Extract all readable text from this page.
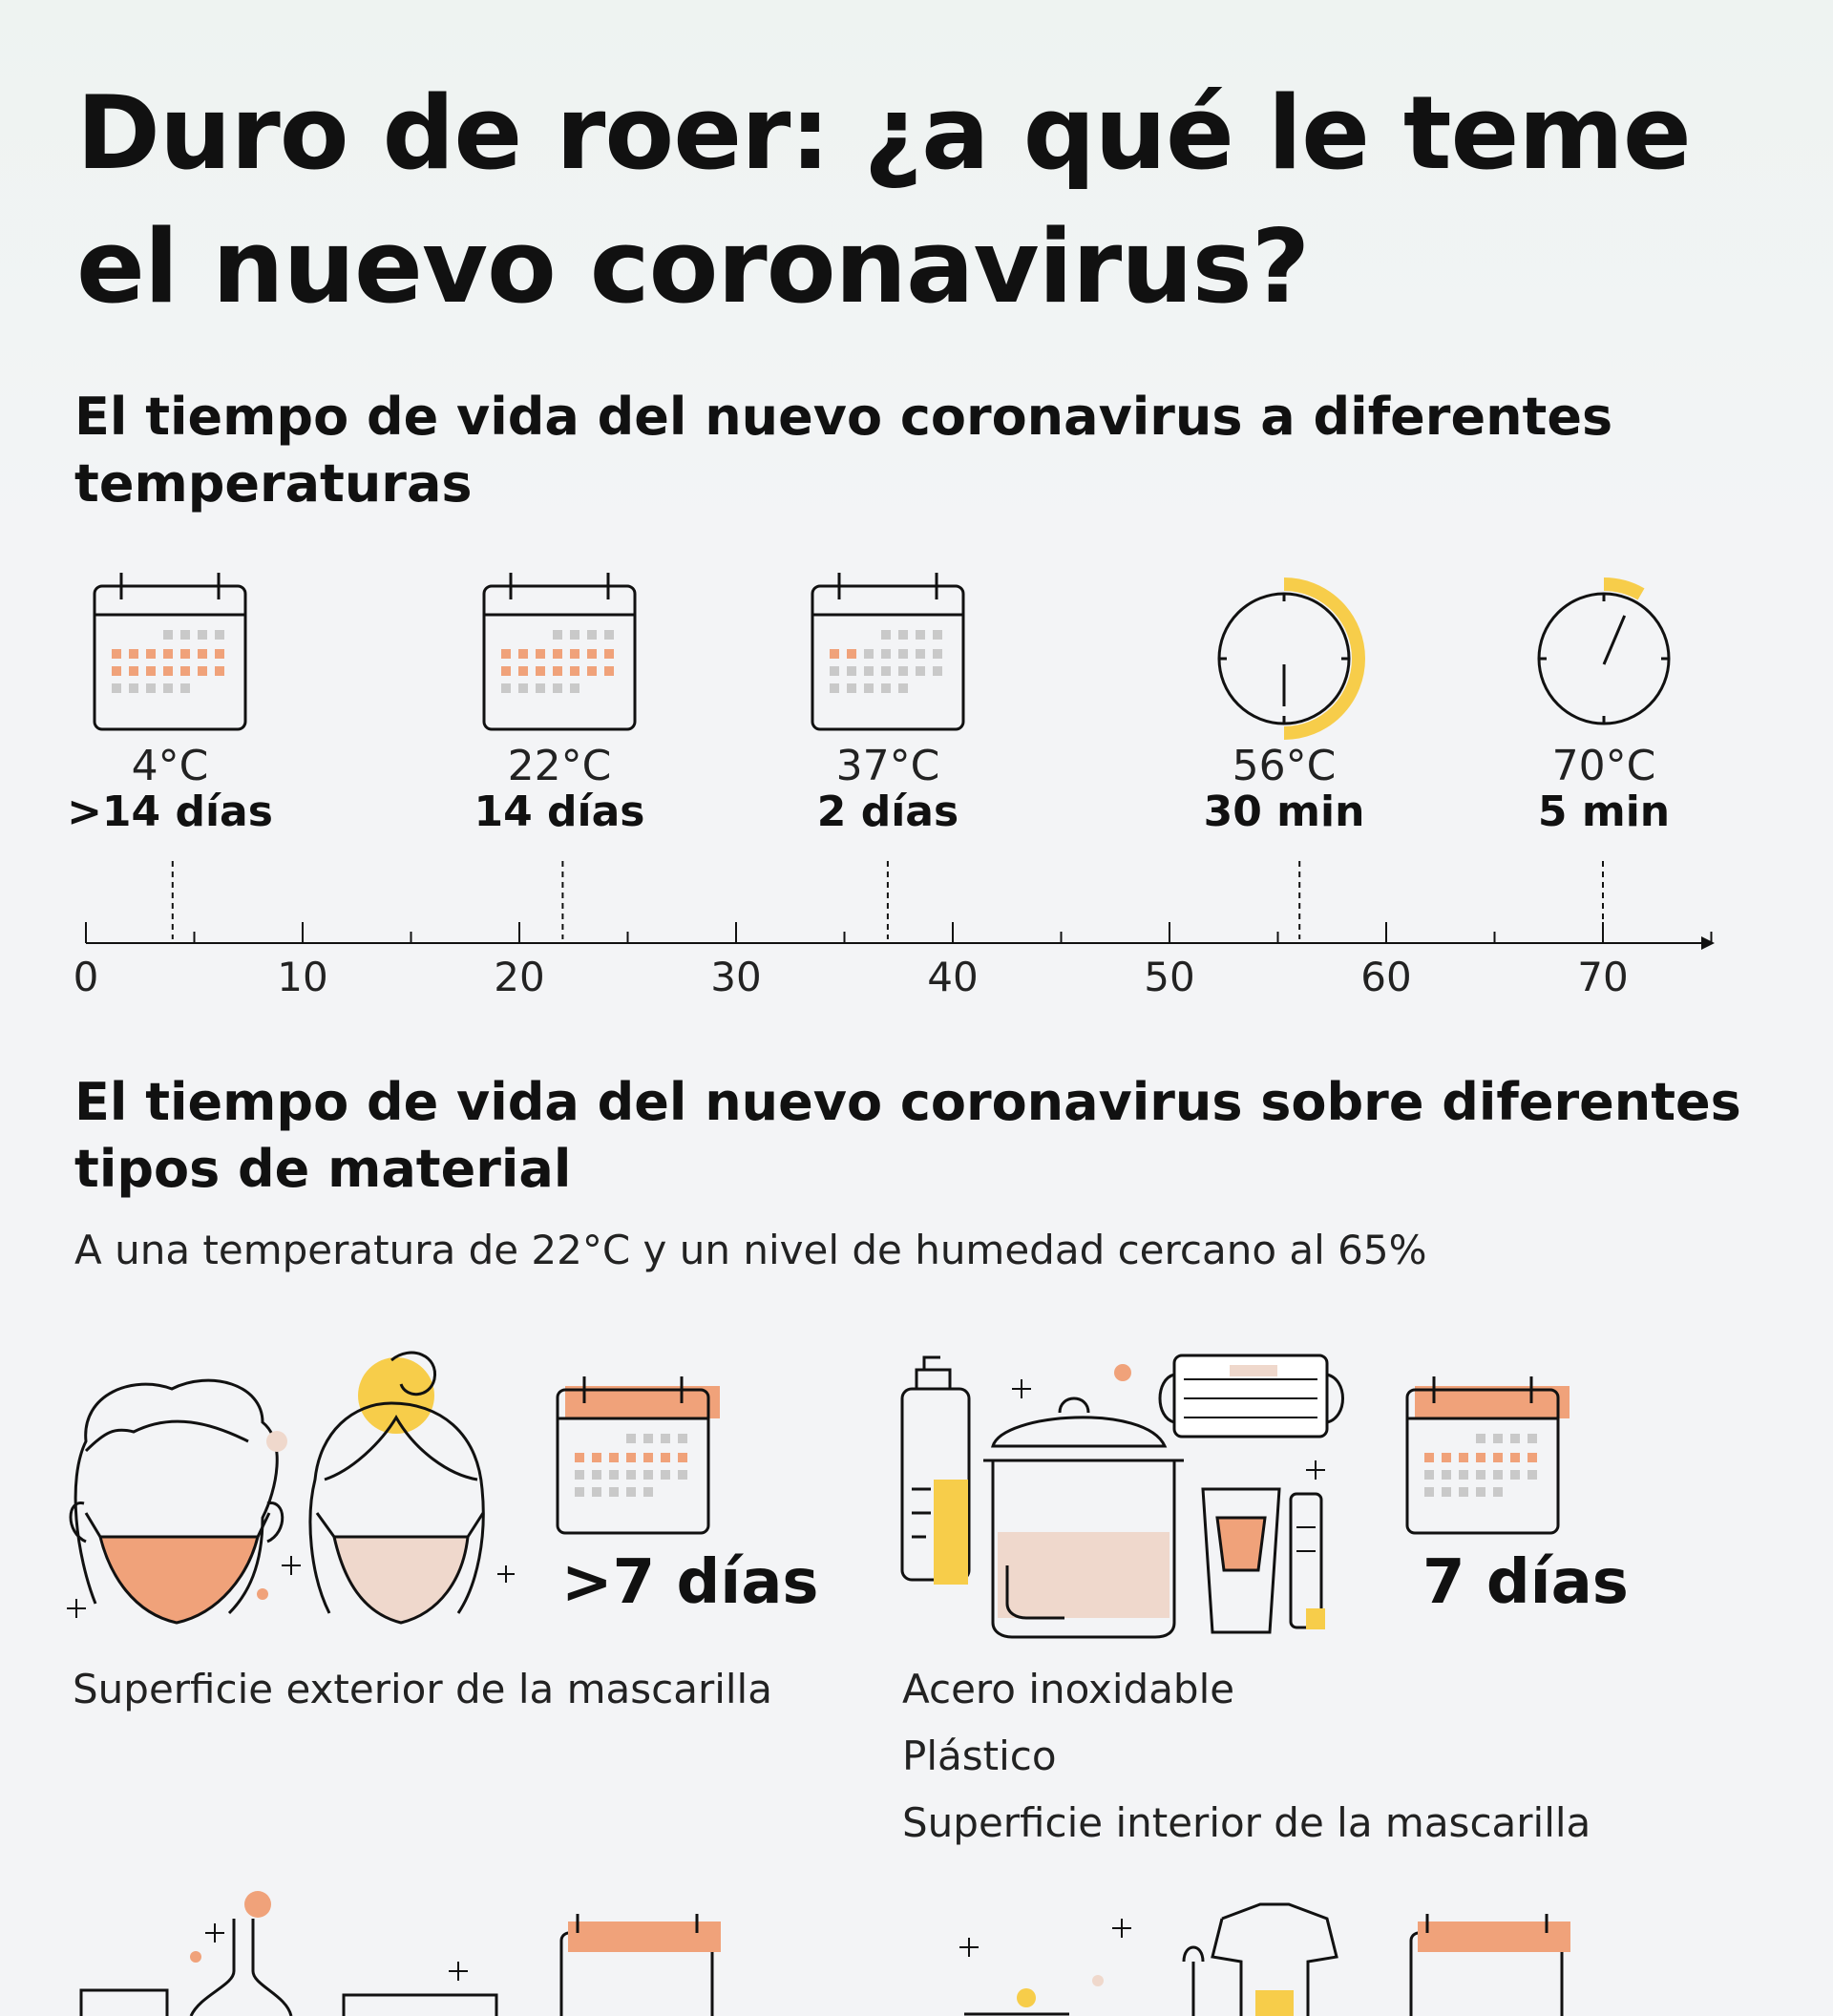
Duro de roer: ¿a qué le teme el nuevo coronavirus?
El tiempo de vida del nuevo coronavirus a diferentes temperaturas
4°C
>14 días
22°C
14 días
37°C
2 días
56°C
30 min
70°C
5 min
0	10	20	30	40	50	60	70
El tiempo de vida del nuevo coronavirus sobre diferentes tipos de material
A una temperatura de 22°C y un nivel de humedad cercano al 65%
>7 días
Superficie exterior de la mascarilla
7 días
Acero inoxidable
Plástico
Superficie interior de la mascarilla
